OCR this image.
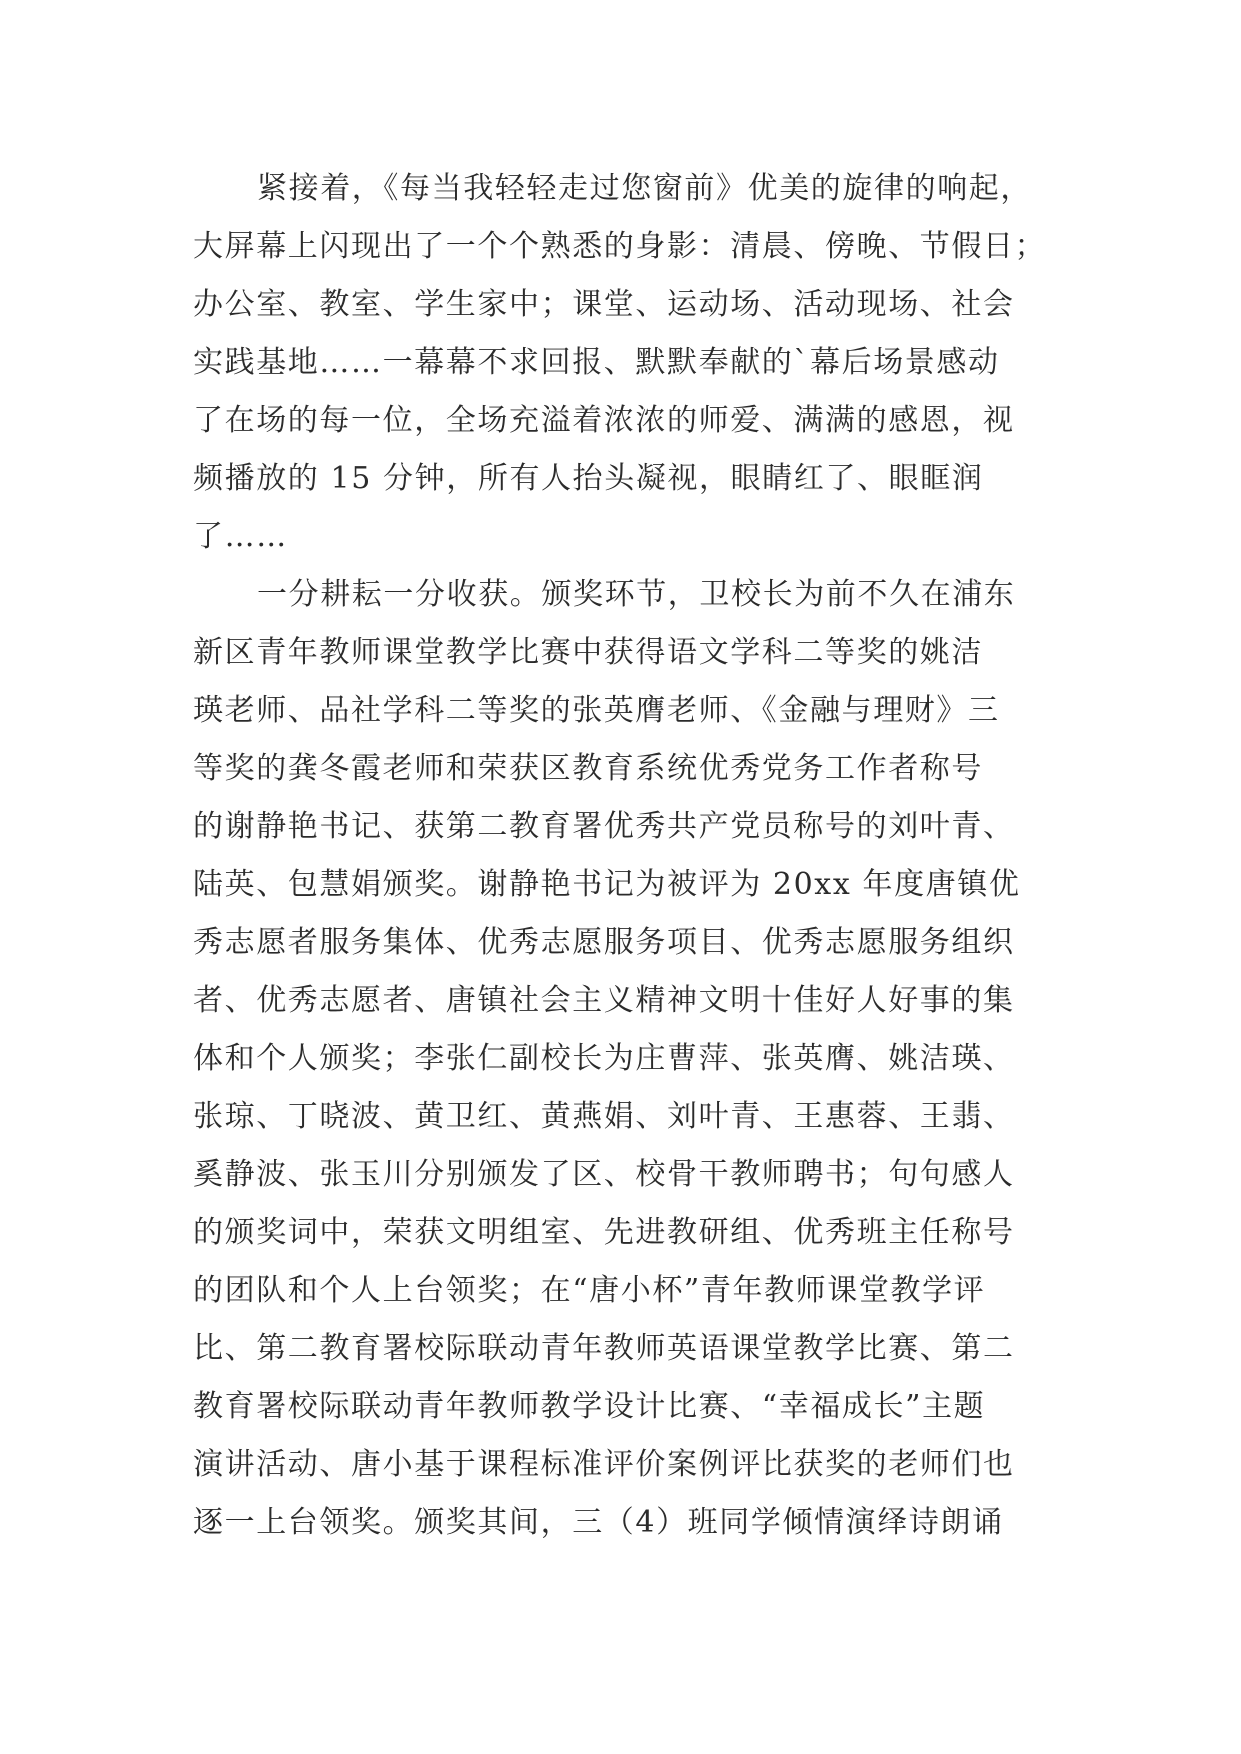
紧接着，《每当我轻轻走过您窗前》优美的旋律的响起，
大屏幕上闪现出了一个个熟悉的身影：清晨、傍晚、节假日；
办公室、教室、学生家中；课堂、运动场、活动现场、社会
实践基地……一幕幕不求回报、默默奉献的`幕后场景感动
了在场的每一位，全场充溢着浓浓的师爱、满满的感恩，视
频播放的 15 分钟，所有人抬头凝视，眼睛红了、眼眶润
了……
一分耕耘一分收获。颁奖环节，卫校长为前不久在浦东
新区青年教师课堂教学比赛中获得语文学科二等奖的姚洁
瑛老师、品社学科二等奖的张英膺老师、《金融与理财》三
等奖的龚冬霞老师和荣获区教育系统优秀党务工作者称号
的谢静艳书记、获第二教育署优秀共产党员称号的刘叶青、
陆英、包慧娟颁奖。谢静艳书记为被评为 20xx 年度唐镇优
秀志愿者服务集体、优秀志愿服务项目、优秀志愿服务组织
者、优秀志愿者、唐镇社会主义精神文明十佳好人好事的集
体和个人颁奖；李张仁副校长为庄曹萍、张英膺、姚洁瑛、
张琼、丁晓波、黄卫红、黄燕娟、刘叶青、王惠蓉、王翡、
奚静波、张玉川分别颁发了区、校骨干教师聘书；句句感人
的颁奖词中，荣获文明组室、先进教研组、优秀班主任称号
的团队和个人上台领奖；在“唐小杯”青年教师课堂教学评
比、第二教育署校际联动青年教师英语课堂教学比赛、第二
教育署校际联动青年教师教学设计比赛、“幸福成长”主题
演讲活动、唐小基于课程标准评价案例评比获奖的老师们也
逐一上台领奖。颁奖其间，三（4）班同学倾情演绎诗朗诵
